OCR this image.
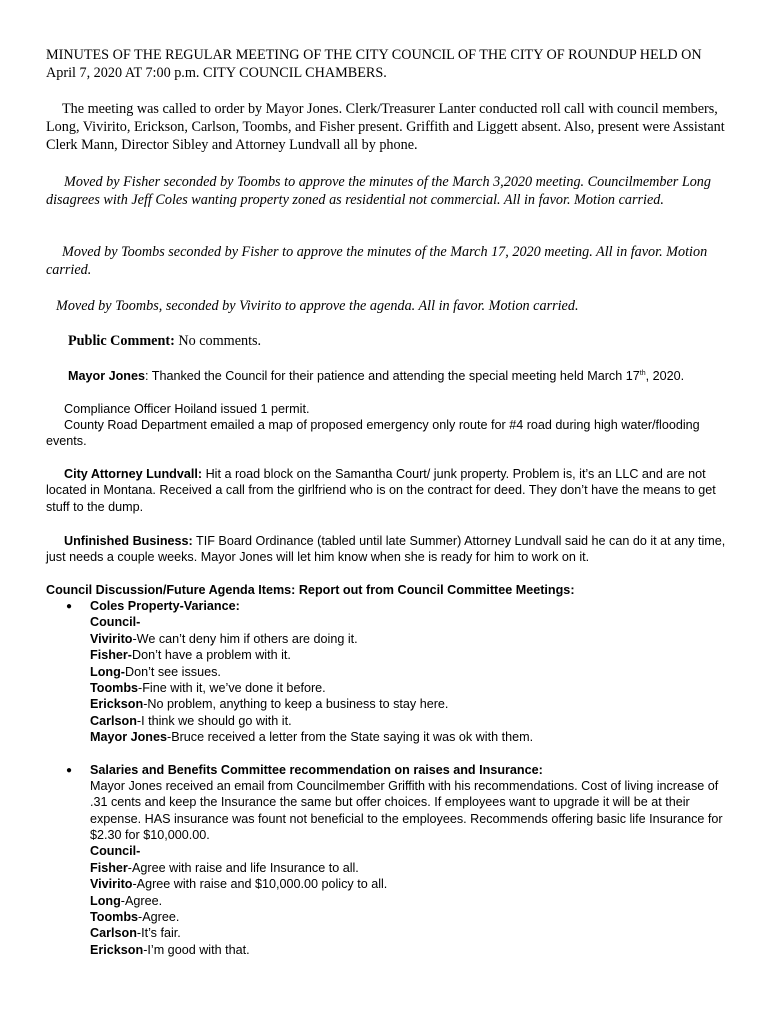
MINUTES OF THE REGULAR MEETING OF THE CITY COUNCIL OF THE CITY OF ROUNDUP HELD ON April 7, 2020 AT 7:00 p.m. CITY COUNCIL CHAMBERS.

The meeting was called to order by Mayor Jones. Clerk/Treasurer Lanter conducted roll call with council members, Long, Vivirito, Erickson, Carlson, Toombs, and Fisher present. Griffith and Liggett absent. Also, present were Assistant Clerk Mann, Director Sibley and Attorney Lundvall all by phone.

Moved by Fisher seconded by Toombs to approve the minutes of the March 3,2020 meeting. Councilmember Long disagrees with Jeff Coles wanting property zoned as residential not commercial. All in favor. Motion carried.

Moved by Toombs seconded by Fisher to approve the minutes of the March 17, 2020 meeting. All in favor. Motion carried.

Moved by Toombs, seconded by Vivirito to approve the agenda. All in favor. Motion carried.

Public Comment: No comments.

Mayor Jones: Thanked the Council for their patience and attending the special meeting held March 17th, 2020.

Compliance Officer Hoiland issued 1 permit.

County Road Department emailed a map of proposed emergency only route for #4 road during high water/flooding events.

City Attorney Lundvall: Hit a road block on the Samantha Court/ junk property. Problem is, it’s an LLC and are not located in Montana. Received a call from the girlfriend who is on the contract for deed. They don’t have the means to get stuff to the dump.

Unfinished Business: TIF Board Ordinance (tabled until late Summer) Attorney Lundvall said he can do it at any time, just needs a couple weeks. Mayor Jones will let him know when she is ready for him to work on it.

Council Discussion/Future Agenda Items: Report out from Council Committee Meetings:

● Coles Property-Variance:

Council-

Vivirito-We can’t deny him if others are doing it.

Fisher-Don’t have a problem with it.

Long-Don’t see issues.

Toombs-Fine with it, we’ve done it before.

Erickson-No problem, anything to keep a business to stay here.

Carlson-I think we should go with it.

Mayor Jones-Bruce received a letter from the State saying it was ok with them.

● Salaries and Benefits Committee recommendation on raises and Insurance:

Mayor Jones received an email from Councilmember Griffith with his recommendations. Cost of living increase of .31 cents and keep the Insurance the same but offer choices. If employees want to upgrade it will be at their expense. HAS insurance was fount not beneficial to the employees. Recommends offering basic life Insurance for $2.30 for $10,000.00.

Council-

Fisher-Agree with raise and life Insurance to all.

Vivirito-Agree with raise and $10,000.00 policy to all.

Long-Agree.

Toombs-Agree.

Carlson-It’s fair.

Erickson-I’m good with that.
